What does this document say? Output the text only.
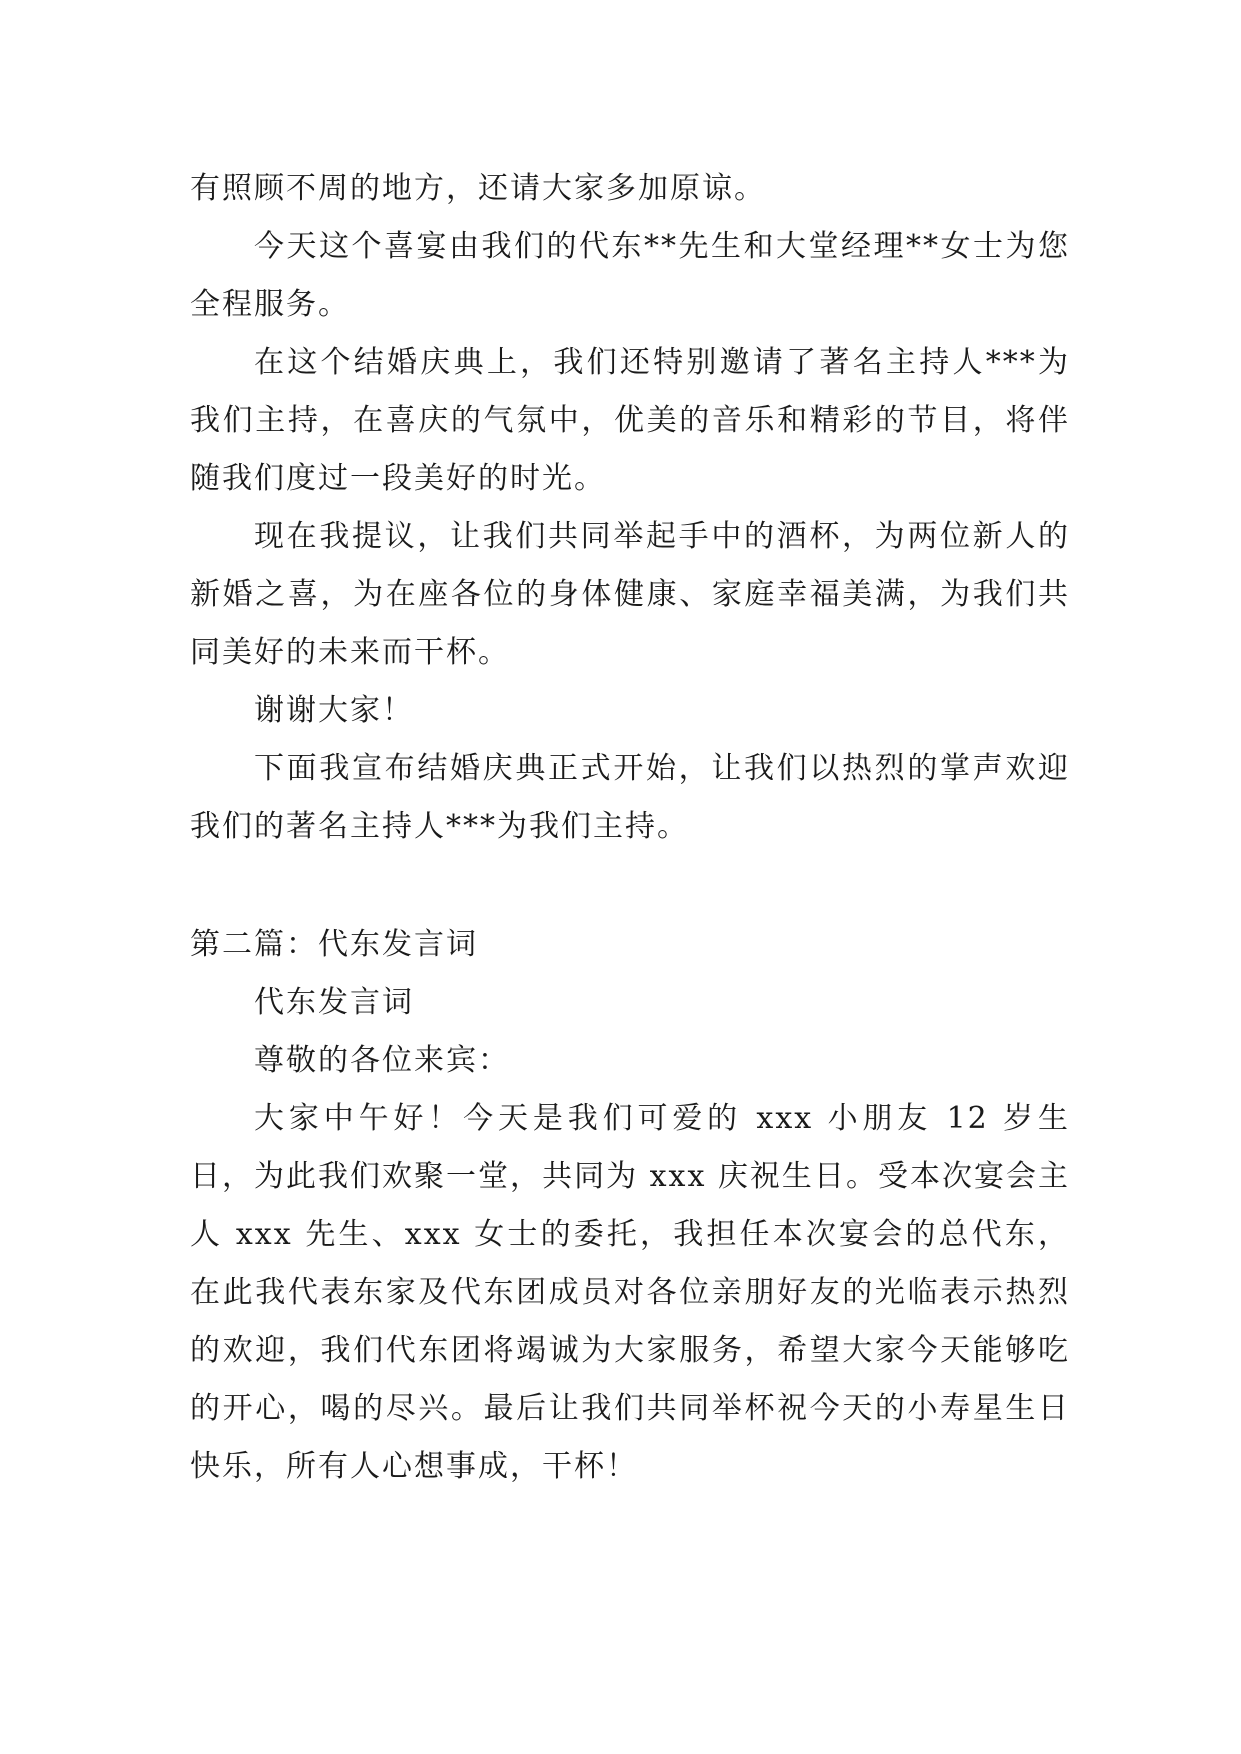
有照顾不周的地方，还请大家多加原谅。

今天这个喜宴由我们的代东**先生和大堂经理**女士为您全程服务。

在这个结婚庆典上，我们还特别邀请了著名主持人***为我们主持，在喜庆的气氛中，优美的音乐和精彩的节目，将伴随我们度过一段美好的时光。

现在我提议，让我们共同举起手中的酒杯，为两位新人的新婚之喜，为在座各位的身体健康、家庭幸福美满，为我们共同美好的未来而干杯。

谢谢大家！

下面我宣布结婚庆典正式开始，让我们以热烈的掌声欢迎我们的著名主持人***为我们主持。

第二篇：代东发言词

代东发言词

尊敬的各位来宾：

大家中午好！今天是我们可爱的 xxx 小朋友 12 岁生日，为此我们欢聚一堂，共同为 xxx 庆祝生日。受本次宴会主人 xxx 先生、xxx 女士的委托，我担任本次宴会的总代东，在此我代表东家及代东团成员对各位亲朋好友的光临表示热烈的欢迎，我们代东团将竭诚为大家服务，希望大家今天能够吃的开心，喝的尽兴。最后让我们共同举杯祝今天的小寿星生日快乐，所有人心想事成，干杯！
